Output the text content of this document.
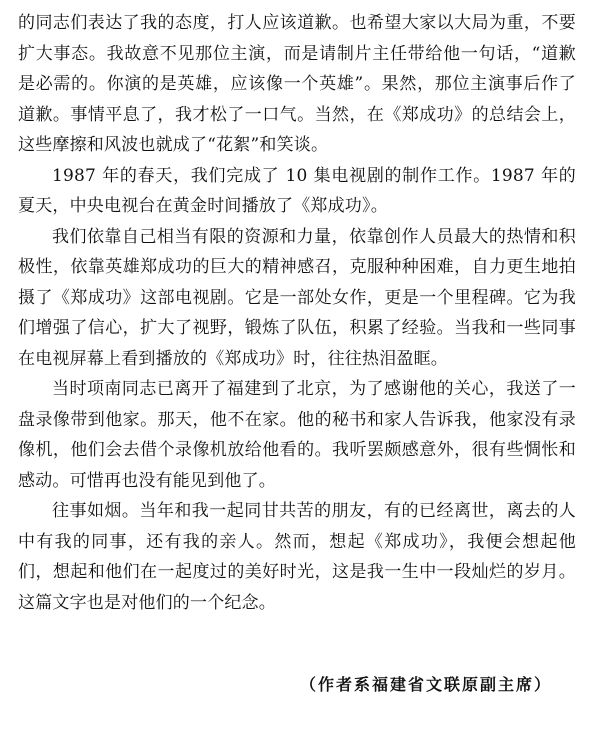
的同志们表达了我的态度，打人应该道歉。也希望大家以大局为重，不要扩大事态。我故意不见那位主演，而是请制片主任带给他一句话，“道歉是必需的。你演的是英雄，应该像一个英雄”。果然，那位主演事后作了道歉。事情平息了，我才松了一口气。当然，在《郑成功》的总结会上，这些摩擦和风波也就成了“花絮”和笑谈。

1987 年的春天，我们完成了 10 集电视剧的制作工作。1987 年的夏天，中央电视台在黄金时间播放了《郑成功》。

我们依靠自己相当有限的资源和力量，依靠创作人员最大的热情和积极性，依靠英雄郑成功的巨大的精神感召，克服种种困难，自力更生地拍摄了《郑成功》这部电视剧。它是一部处女作，更是一个里程碑。它为我们增强了信心，扩大了视野，锻炼了队伍，积累了经验。当我和一些同事在电视屏幕上看到播放的《郑成功》时，往往热泪盈眶。

当时项南同志已离开了福建到了北京，为了感谢他的关心，我送了一盘录像带到他家。那天，他不在家。他的秘书和家人告诉我，他家没有录像机，他们会去借个录像机放给他看的。我听罢颇感意外，很有些惆怅和感动。可惜再也没有能见到他了。

往事如烟。当年和我一起同甘共苦的朋友，有的已经离世，离去的人中有我的同事，还有我的亲人。然而，想起《郑成功》，我便会想起他们，想起和他们在一起度过的美好时光，这是我一生中一段灿烂的岁月。这篇文字也是对他们的一个纪念。

（作者系福建省文联原副主席）
